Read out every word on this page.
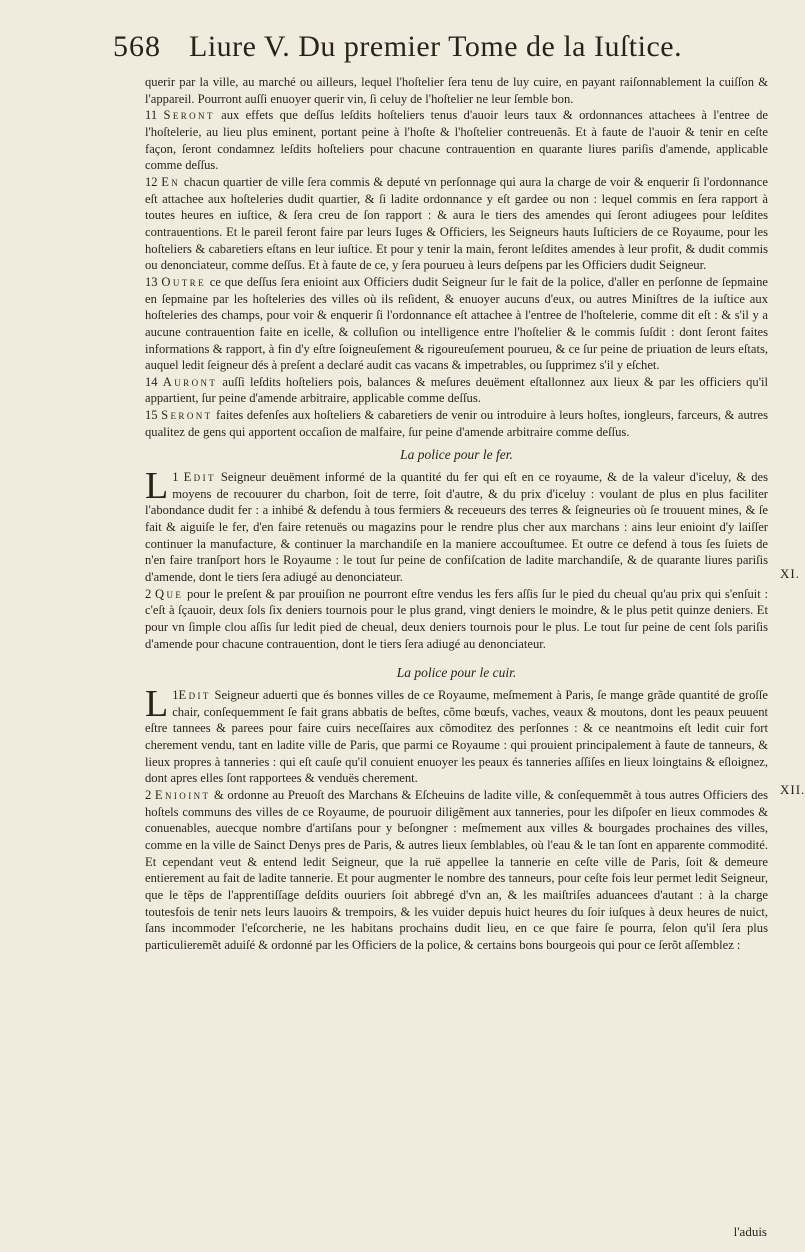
568 Liure V. Du premier Tome de la Iuſtice.

querir par la ville, au marché ou ailleurs, lequel l'hoſtelier ſera tenu de luy cuire, en payant raiſonnablement la cuiſſon & l'appareil. Pourront auſſi enuoyer querir vin, ſi celuy de l'hoſtelier ne leur ſemble bon.

11 Seront aux effets que deſſus leſdits hoſteliers tenus d'auoir leurs taux & ordonnances attachees à l'entree de l'hoſtelerie, au lieu plus eminent, portant peine à l'hoſte & l'hoſtelier contreuenãs. Et à faute de l'auoir & tenir en ceſte façon, ſeront condamnez leſdits hoſteliers pour chacune contrauention en quarante liures pariſis d'amende, applicable comme deſſus.

12 En chacun quartier de ville ſera commis & deputé vn perſonnage qui aura la charge de voir & enquerir ſi l'ordonnance eſt attachee aux hoſteleries dudit quartier, & ſi ladite ordonnance y eſt gardee ou non : lequel commis en ſera rapport à toutes heures en iuſtice, & ſera creu de ſon rapport : & aura le tiers des amendes qui ſeront adiugees pour leſdites contrauentions. Et le pareil feront faire par leurs Iuges & Officiers, les Seigneurs hauts Iuſticiers de ce Royaume, pour les hoſteliers & cabaretiers eſtans en leur iuſtice. Et pour y tenir la main, feront leſdites amendes à leur profit, & dudit commis ou denonciateur, comme deſſus. Et à faute de ce, y ſera pourueu à leurs deſpens par les Officiers dudit Seigneur.

13 Outre ce que deſſus ſera enioint aux Officiers dudit Seigneur ſur le fait de la police, d'aller en perſonne de ſepmaine en ſepmaine par les hoſteleries des villes où ils reſident, & enuoyer aucuns d'eux, ou autres Miniſtres de la iuſtice aux hoſteleries des champs, pour voir & enquerir ſi l'ordonnance eſt attachee à l'entree de l'hoſtelerie, comme dit eſt : & s'il y a aucune contrauention faite en icelle, & colluſion ou intelligence entre l'hoſtelier & le commis ſuſdit : dont ſeront faites informations & rapport, à fin d'y eſtre ſoigneuſement & rigoureuſement pourueu, & ce ſur peine de priuation de leurs eſtats, auquel ledit ſeigneur dés à preſent a declaré audit cas vacans & impetrables, ou ſupprimez s'il y eſchet.

14 Auront auſſi leſdits hoſteliers pois, balances & meſures deuëment eſtallonnez aux lieux & par les officiers qu'il appartient, ſur peine d'amende arbitraire, applicable comme deſſus.

15 Seront faites defenſes aux hoſteliers & cabaretiers de venir ou introduire à leurs hoſtes, ionglеurs, farceurs, & autres qualitez de gens qui apportent occaſion de malfaire, ſur peine d'amende arbitraire comme deſſus.

La police pour le fer.

1
L Edit Seigneur deuëment informé de la quantité du fer qui eſt en ce royaume, & de la valeur d'iceluy, & des moyens de recouurer du charbon, ſoit de terre, ſoit d'autre, & du prix d'iceluy : voulant de plus en plus faciliter l'abondance dudit fer : a inhibé & defendu à tous fermiers & receueurs des terres & ſeigneuries où ſe trouuent mines, & ſe fait & aiguiſe le fer, d'en faire retenuës ou magazins pour le rendre plus cher aux marchans : ains leur enioint d'y laiſſer continuer la manufacture, & continuer la marchandiſe en la maniere accouſtumee. Et outre ce defend à tous ſes ſuiets de n'en faire tranſport hors le Royaume : le tout ſur peine de confiſcation de ladite marchandiſe, & de quarante liures pariſis d'amende, dont le tiers ſera adiugé au denonciateur.

2 Que pour le preſent & par prouiſion ne pourront eſtre vendus les fers aſſis ſur le pied du cheual qu'au prix qui s'enſuit : c'eſt à ſçauoir, deux ſols ſix deniers tournois pour le plus grand, vingt deniers le moindre, & le plus petit quinze deniers. Et pour vn ſimple clou aſſis ſur ledit pied de cheual, deux deniers tournois pour le plus. Le tout ſur peine de cent ſols pariſis d'amende pour chacune contrauention, dont le tiers ſera adiugé au denonciateur.

La police pour le cuir.

1
L Edit Seigneur aduerti que és bonnes villes de ce Royaume, meſmement à Paris, ſe mange grãde quantité de groſſe chair, conſequemment ſe fait grans abbatis de beſtes, cõme bœufs, vaches, veaux & moutons, dont les peaux peuuent eſtre tannees & parees pour faire cuirs neceſſaires aux cõmoditez des perſonnes : & ce neantmoins eſt ledit cuir fort cherement vendu, tant en ladite ville de Paris, que parmi ce Royaume : qui prouient principalement à faute de tanneurs, & lieux propres à tanneries : qui eſt cauſe qu'il conuient enuoyer les peaux és tanneries aſſiſes en lieux loingtains & eſloignez, dont apres elles ſont rapportees & venduës cherement.

2 Enioint & ordonne au Preuoſt des Marchans & Eſcheuins de ladite ville, & conſequemmẽt à tous autres Officiers des hoſtels communs des villes de ce Royaume, de pouruoir diligẽment aux tanneries, pour les diſpoſer en lieux commodes & conuenables, auecque nombre d'artiſans pour y beſongner : meſmement aux villes & bourgades prochaines des villes, comme en la ville de Sainct Denys pres de Paris, & autres lieux ſemblables, où l'eau & le tan ſont en apparente commodité. Et cependant veut & entend ledit Seigneur, que la ruë appellee la tannerie en ceſte ville de Paris, ſoit & demeure entierement au fait de ladite tannerie. Et pour augmenter le nombre des tanneurs, pour ceſte fois leur permet ledit Seigneur, que le tẽps de l'apprentiſſage deſdits ouuriers ſoit abbregé d'vn an, & les maiſtriſes aduancees d'autant : à la charge toutesfois de tenir nets leurs lauoirs & trempoirs, & les vuider depuis huict heures du ſoir iuſques à deux heures de nuict, ſans incommoder l'eſcorcherie, ne les habitans prochains dudit lieu, en ce que faire ſe pourra, ſelon qu'il ſera plus particulieremẽt aduiſé & ordonné par les Officiers de la police, & certains bons bourgeois qui pour ce ſerõt aſſemblez :

XI.
XII.
l'aduis
